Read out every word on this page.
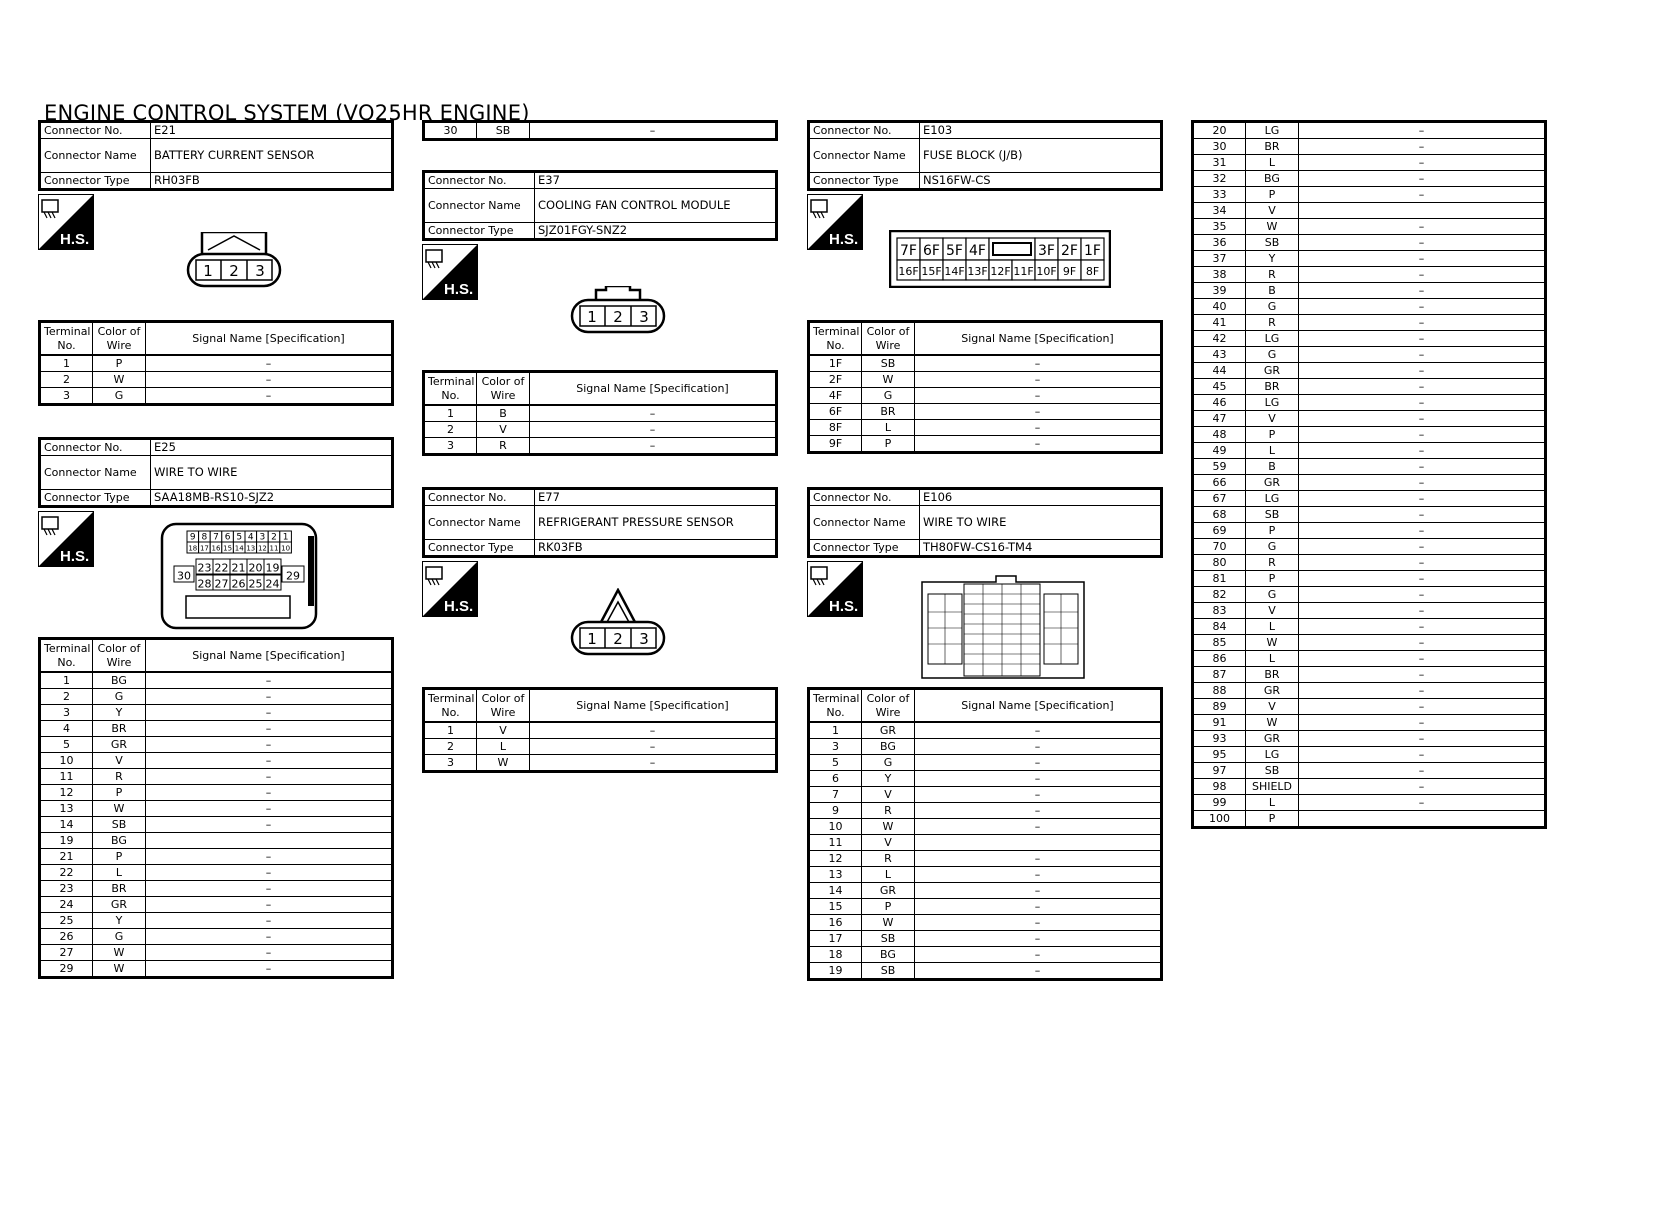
ENGINE CONTROL SYSTEM (VQ25HR ENGINE)
Connector No.	E21
Connector Name	BATTERY CURRENT SENSOR
Connector Type	RH03FB
H.S.
1 2 3
Terminal No.	Color of Wire	Signal Name [Specification]
1	P	–
2	W	–
3	G	–
Connector No.	E25
Connector Name	WIRE TO WIRE
Connector Type	SAA18MB-RS10-SJZ2
H.S.
9 8 7 6 5 4 3 2 1
18 17 16 15 14 13 12 11 10
23 22 21 20 19
28 27 26 25 24
30	29
Terminal No.	Color of Wire	Signal Name [Specification]
1	BG	–
2	G	–
3	Y	–
4	BR	–
5	GR	–
10	V	–
11	R	–
12	P	–
13	W	–
14	SB	–
19	BG	
21	P	–
22	L	–
23	BR	–
24	GR	–
25	Y	–
26	G	–
27	W	–
29	W	–
30	SB	–
Connector No.	E37
Connector Name	COOLING FAN CONTROL MODULE
Connector Type	SJZ01FGY-SNZ2
H.S.
1 2 3
Terminal No.	Color of Wire	Signal Name [Specification]
1	B	–
2	V	–
3	R	–
Connector No.	E77
Connector Name	REFRIGERANT PRESSURE SENSOR
Connector Type	RK03FB
H.S.
1 2 3
Terminal No.	Color of Wire	Signal Name [Specification]
1	V	–
2	L	–
3	W	–
Connector No.	E103
Connector Name	FUSE BLOCK (J/B)
Connector Type	NS16FW-CS
H.S.
7F 6F 5F 4F	3F 2F 1F
16F 15F 14F 13F 12F 11F 10F 9F 8F
Terminal No.	Color of Wire	Signal Name [Specification]
1F	SB	–
2F	W	–
4F	G	–
6F	BR	–
8F	L	–
9F	P	–
Connector No.	E106
Connector Name	WIRE TO WIRE
Connector Type	TH80FW-CS16-TM4
H.S.
Terminal No.	Color of Wire	Signal Name [Specification]
1	GR	–
3	BG	–
5	G	–
6	Y	–
7	V	–
9	R	–
10	W	–
11	V	
12	R	–
13	L	–
14	GR	–
15	P	–
16	W	–
17	SB	–
18	BG	–
19	SB	–
20	LG	–
30	BR	–
31	L	–
32	BG	–
33	P	–
34	V	
35	W	–
36	SB	–
37	Y	–
38	R	–
39	B	–
40	G	–
41	R	–
42	LG	–
43	G	–
44	GR	–
45	BR	–
46	LG	–
47	V	–
48	P	–
49	L	–
59	B	–
66	GR	–
67	LG	–
68	SB	–
69	P	–
70	G	–
80	R	–
81	P	–
82	G	–
83	V	–
84	L	–
85	W	–
86	L	–
87	BR	–
88	GR	–
89	V	–
91	W	–
93	GR	–
95	LG	–
97	SB	–
98	SHIELD	–
99	L	–
100	P	
